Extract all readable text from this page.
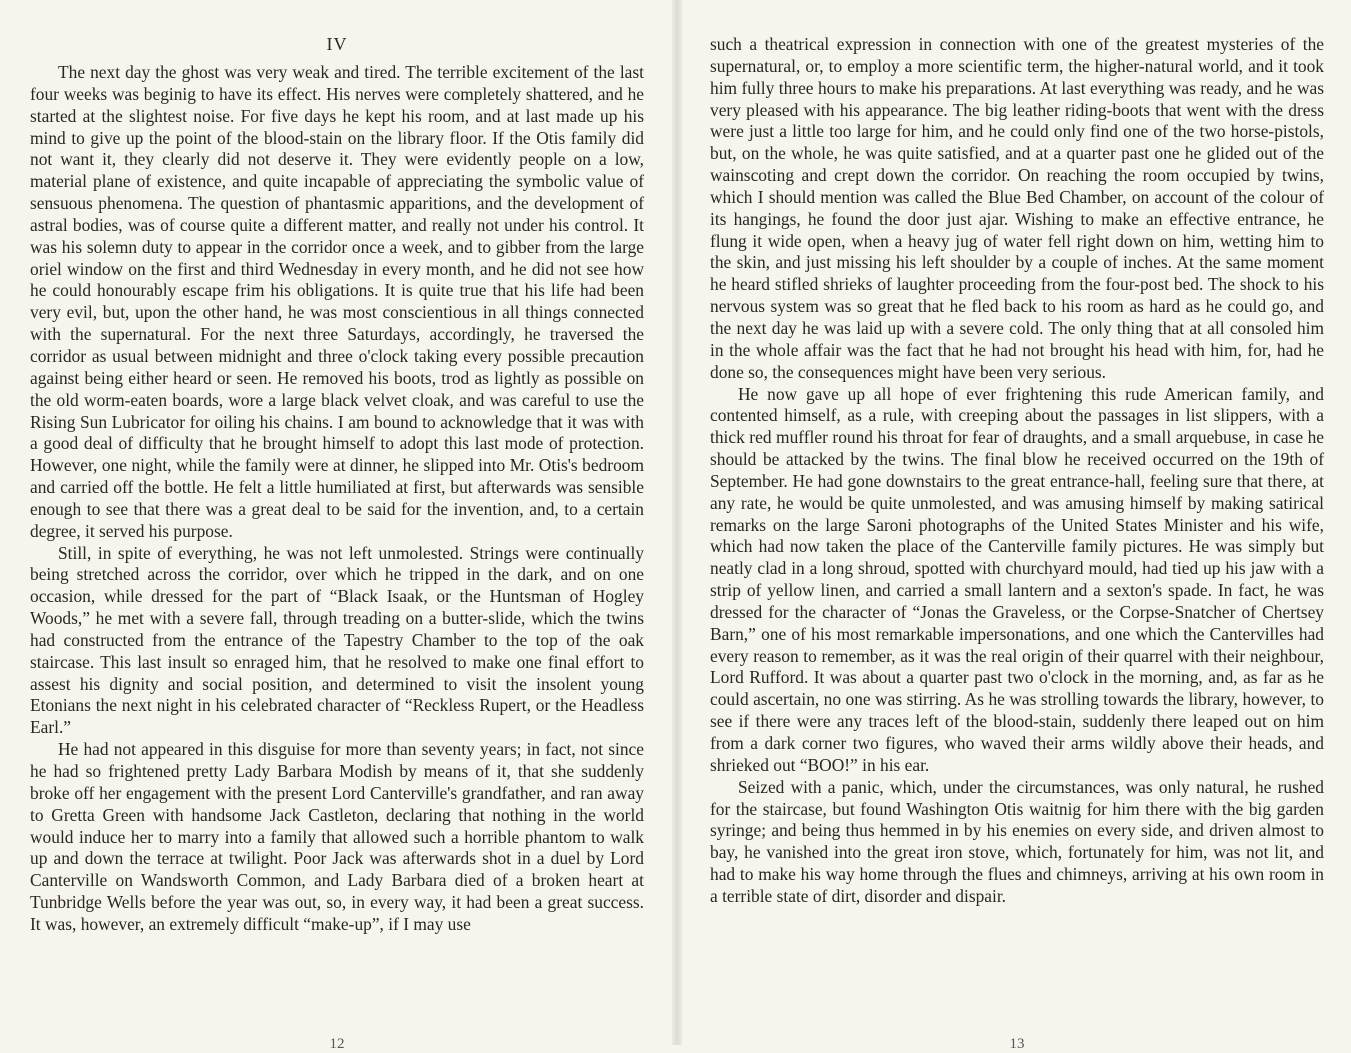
IV

The next day the ghost was very weak and tired. The terrible excitement of the last four weeks was beginig to have its effect. His nerves were completely shattered, and he started at the slightest noise. For five days he kept his room, and at last made up his mind to give up the point of the blood-stain on the library floor. If the Otis family did not want it, they clearly did not deserve it. They were evidently people on a low, material plane of existence, and quite incapable of appreciating the symbolic value of sensuous phenomena. The question of phantasmic apparitions, and the development of astral bodies, was of course quite a different matter, and really not under his control. It was his solemn duty to appear in the corridor once a week, and to gibber from the large oriel window on the first and third Wednesday in every month, and he did not see how he could honourably escape frim his obligations. It is quite true that his life had been very evil, but, upon the other hand, he was most conscientious in all things connected with the supernatural. For the next three Saturdays, accordingly, he traversed the corridor as usual between midnight and three o'clock taking every possible precaution against being either heard or seen. He removed his boots, trod as lightly as possible on the old worm-eaten boards, wore a large black velvet cloak, and was careful to use the Rising Sun Lubricator for oiling his chains. I am bound to acknowledge that it was with a good deal of difficulty that he brought himself to adopt this last mode of protection. However, one night, while the family were at dinner, he slipped into Mr. Otis's bedroom and carried off the bottle. He felt a little humiliated at first, but afterwards was sensible enough to see that there was a great deal to be said for the invention, and, to a certain degree, it served his purpose.

Still, in spite of everything, he was not left unmolested. Strings were continually being stretched across the corridor, over which he tripped in the dark, and on one occasion, while dressed for the part of “Black Isaak, or the Huntsman of Hogley Woods,” he met with a severe fall, through treading on a butter-slide, which the twins had constructed from the entrance of the Tapestry Chamber to the top of the oak staircase. This last insult so enraged him, that he resolved to make one final effort to assest his dignity and social position, and determined to visit the insolent young Etonians the next night in his celebrated character of “Reckless Rupert, or the Headless Earl.”

He had not appeared in this disguise for more than seventy years; in fact, not since he had so frightened pretty Lady Barbara Modish by means of it, that she suddenly broke off her engagement with the present Lord Canterville's grandfather, and ran away to Gretta Green with handsome Jack Castleton, declaring that nothing in the world would induce her to marry into a family that allowed such a horrible phantom to walk up and down the terrace at twilight. Poor Jack was afterwards shot in a duel by Lord Canterville on Wandsworth Common, and Lady Barbara died of a broken heart at Tunbridge Wells before the year was out, so, in every way, it had been a great success. It was, however, an extremely difficult “make-up”, if I may use

12

such a theatrical expression in connection with one of the greatest mysteries of the supernatural, or, to employ a more scientific term, the higher-natural world, and it took him fully three hours to make his preparations. At last everything was ready, and he was very pleased with his appearance. The big leather riding-boots that went with the dress were just a little too large for him, and he could only find one of the two horse-pistols, but, on the whole, he was quite satisfied, and at a quarter past one he glided out of the wainscoting and crept down the corridor. On reaching the room occupied by twins, which I should mention was called the Blue Bed Chamber, on account of the colour of its hangings, he found the door just ajar. Wishing to make an effective entrance, he flung it wide open, when a heavy jug of water fell right down on him, wetting him to the skin, and just missing his left shoulder by a couple of inches. At the same moment he heard stifled shrieks of laughter proceeding from the four-post bed. The shock to his nervous system was so great that he fled back to his room as hard as he could go, and the next day he was laid up with a severe cold. The only thing that at all consoled him in the whole affair was the fact that he had not brought his head with him, for, had he done so, the consequences might have been very serious.

He now gave up all hope of ever frightening this rude American family, and contented himself, as a rule, with creeping about the passages in list slippers, with a thick red muffler round his throat for fear of draughts, and a small arquebuse, in case he should be attacked by the twins. The final blow he received occurred on the 19th of September. He had gone downstairs to the great entrance-hall, feeling sure that there, at any rate, he would be quite unmolested, and was amusing himself by making satirical remarks on the large Saroni photographs of the United States Minister and his wife, which had now taken the place of the Canterville family pictures. He was simply but neatly clad in a long shroud, spotted with churchyard mould, had tied up his jaw with a strip of yellow linen, and carried a small lantern and a sexton's spade. In fact, he was dressed for the character of “Jonas the Graveless, or the Corpse-Snatcher of Chertsey Barn,” one of his most remarkable impersonations, and one which the Cantervilles had every reason to remember, as it was the real origin of their quarrel with their neighbour, Lord Rufford. It was about a quarter past two o'clock in the morning, and, as far as he could ascertain, no one was stirring. As he was strolling towards the library, however, to see if there were any traces left of the blood-stain, suddenly there leaped out on him from a dark corner two figures, who waved their arms wildly above their heads, and shrieked out “BOO!” in his ear.

Seized with a panic, which, under the circumstances, was only natural, he rushed for the staircase, but found Washington Otis waitnig for him there with the big garden syringe; and being thus hemmed in by his enemies on every side, and driven almost to bay, he vanished into the great iron stove, which, fortunately for him, was not lit, and had to make his way home through the flues and chimneys, arriving at his own room in a terrible state of dirt, disorder and dispair.

13
